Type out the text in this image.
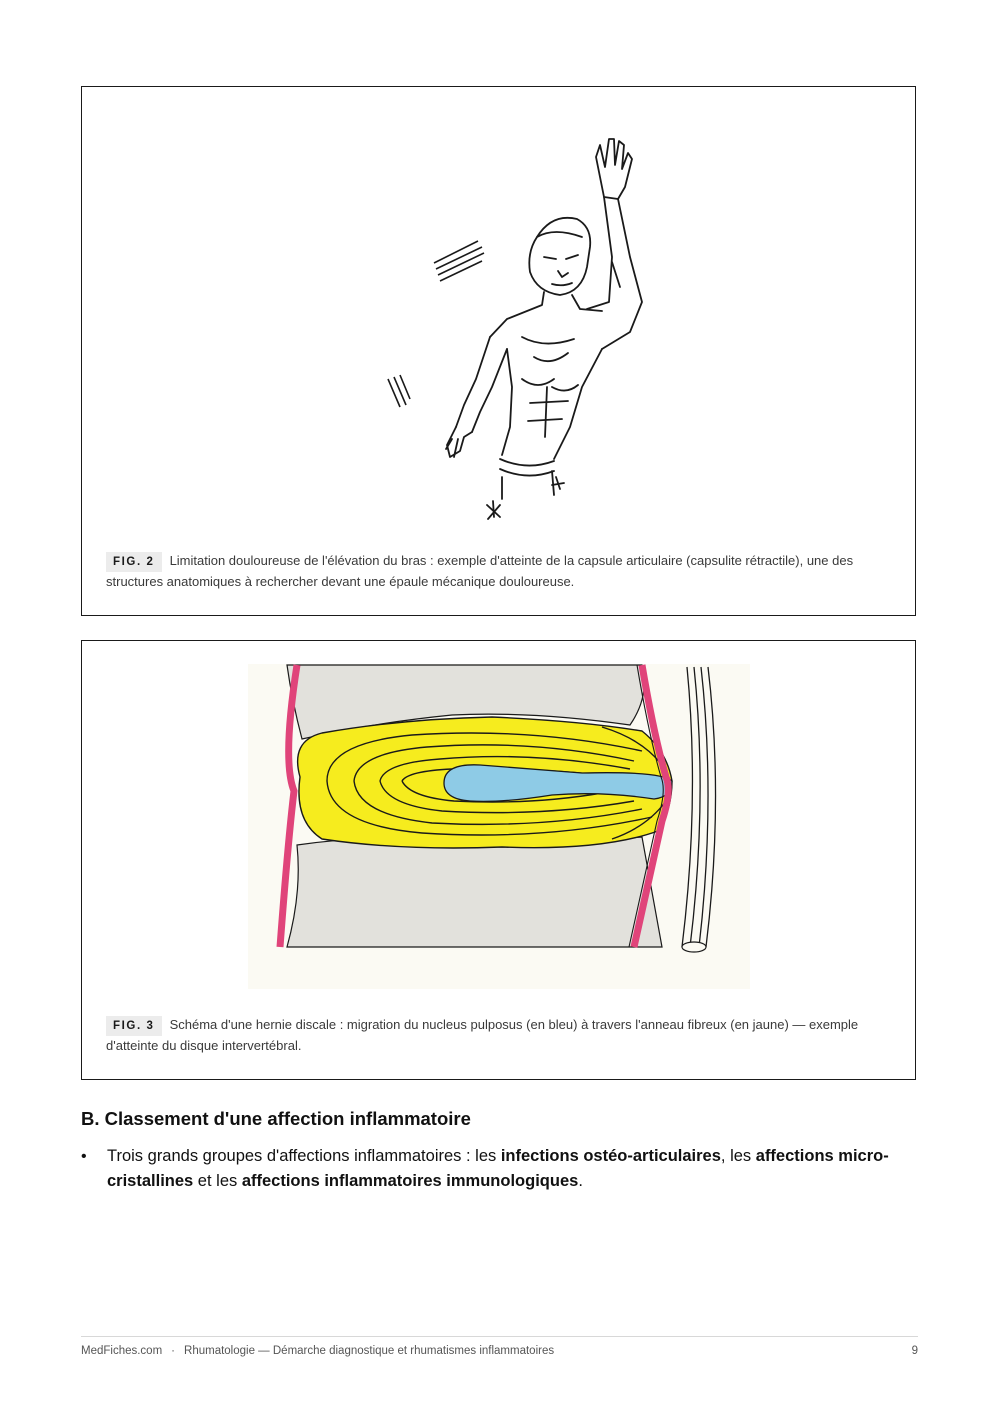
FIG. 2 Limitation douloureuse de l'élévation du bras : exemple d'atteinte de la capsule articulaire (capsulite rétractile), une des structures anatomiques à rechercher devant une épaule mécanique douloureuse.
FIG. 3 Schéma d'une hernie discale : migration du nucleus pulposus (en bleu) à travers l'anneau fibreux (en jaune) — exemple d'atteinte du disque intervertébral.
B. Classement d'une affection inflammatoire
• Trois grands groupes d'affections inflammatoires : les infections ostéo-articulaires, les affections micro-cristallines et les affections inflammatoires immunologiques.
MedFiches.com · Rhumatologie — Démarche diagnostique et rhumatismes inflammatoires	9
